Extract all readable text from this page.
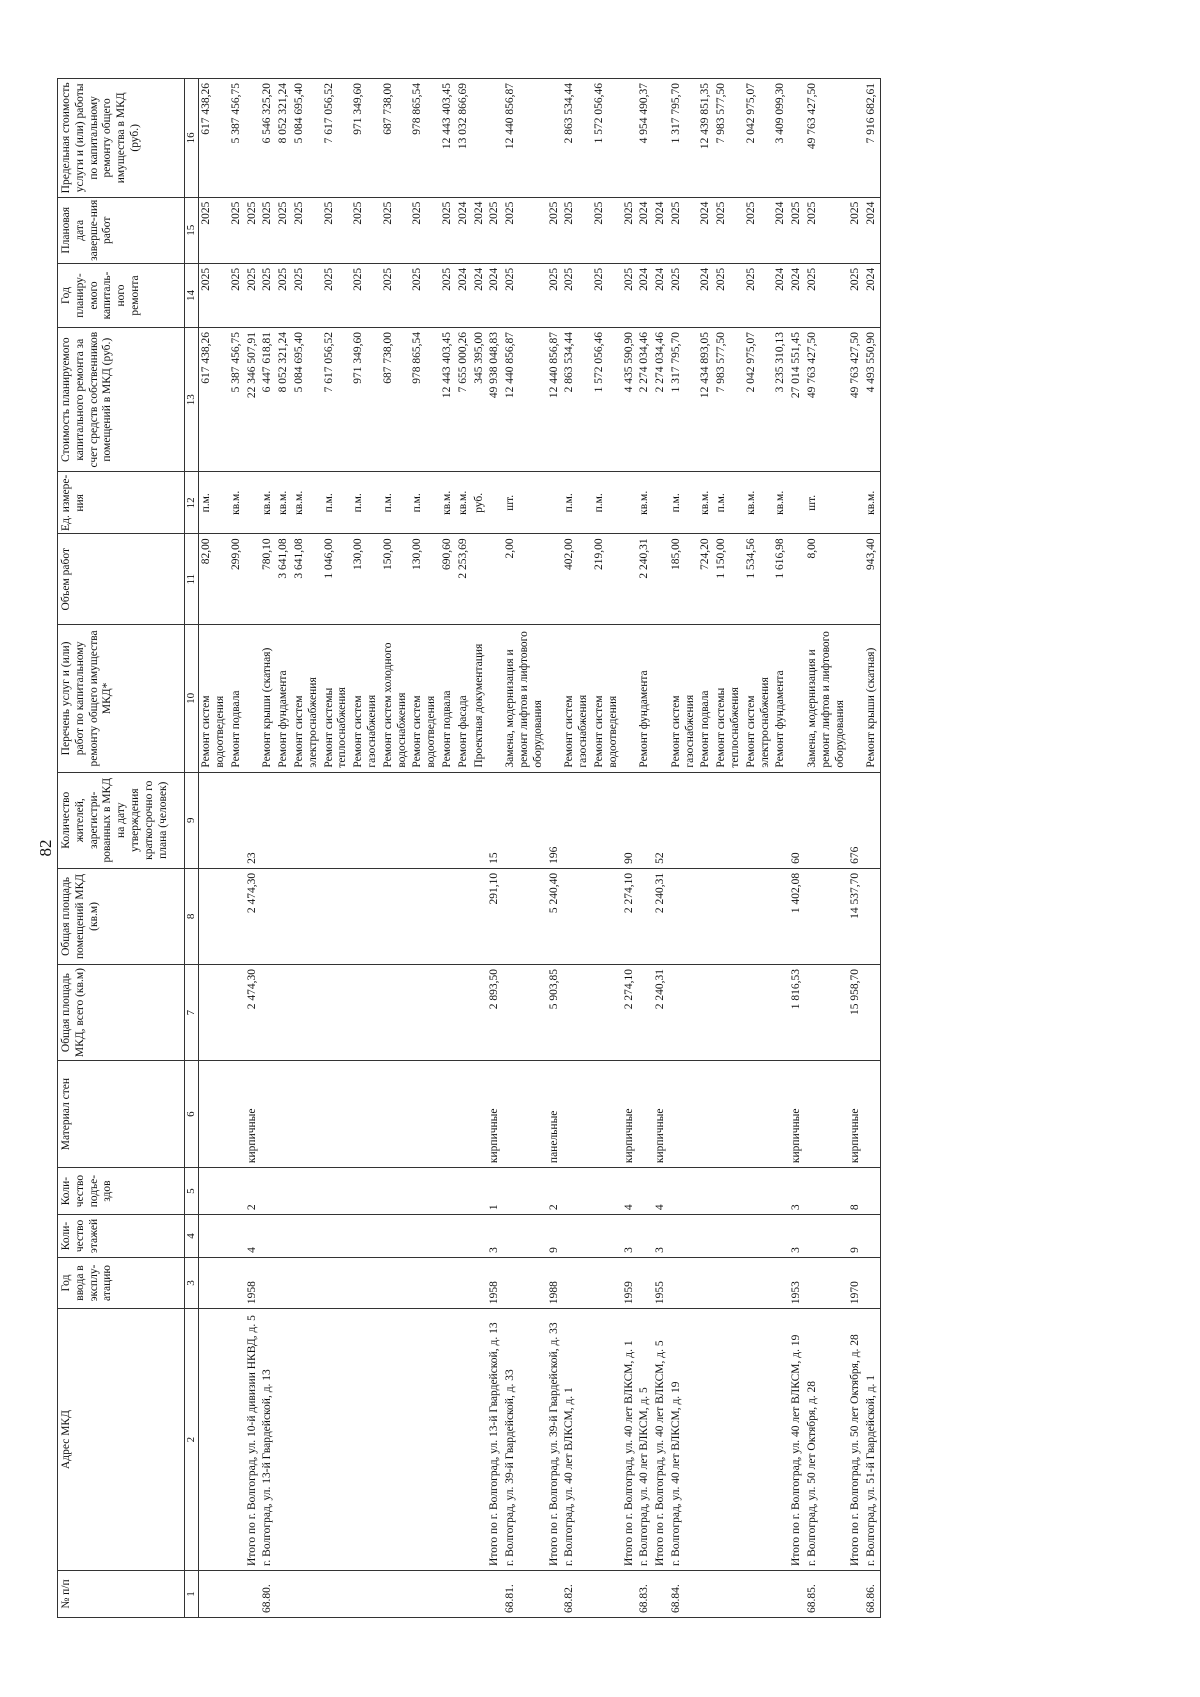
82
№ п/п	Адрес МКД	Год ввода в эксплу-атацию	Коли-чество этажей	Коли-чество подъе-здов	Материал стен	Общая площадь МКД, всего (кв.м)	Общая площадь помещений МКД (кв.м)	Количество жителей, зарегистри-рованных в МКД на дату утверждения краткосрочно го плана (человек)	Перечень услуг и (или) работ по капитальному ремонту общего имущества МКД*	Объем работ	Ед. измере-ния	Стоимость планируемого капитального ремонта за счет средств собственников помещений в МКД (руб.)	Год планиру-емого капиталь-ного ремонта	Плановая дата заверше-ния работ	Предельная стоимость услуги и (или) работы по капитальному ремонту общего имущества в МКД (руб.)
1	2	3	4	5	6	7	8	9	10	11	12	13	14	15	16
									Ремонт систем водоотведения	82,00	п.м.	617 438,26	2025	2025	617 438,26
									Ремонт подвала	299,00	кв.м.	5 387 456,75	2025	2025	5 387 456,75
	Итого по г. Волгоград, ул. 10-й дивизии НКВД, д. 5	1958	4	2	кирпичные	2 474,30	2 474,30	23				22 346 507,91	2025	2025	
68.80.	г. Волгоград, ул. 13-й Гвардейской, д. 13								Ремонт крыши (скатная)	780,10	кв.м.	6 447 618,81	2025	2025	6 546 325,20
									Ремонт фундамента	3 641,08	кв.м.	8 052 321,24	2025	2025	8 052 321,24
									Ремонт систем электроснабжения	3 641,08	кв.м.	5 084 695,40	2025	2025	5 084 695,40
									Ремонт системы теплоснабжения	1 046,00	п.м.	7 617 056,52	2025	2025	7 617 056,52
									Ремонт систем газоснабжения	130,00	п.м.	971 349,60	2025	2025	971 349,60
									Ремонт систем холодного водоснабжения	150,00	п.м.	687 738,00	2025	2025	687 738,00
									Ремонт систем водоотведения	130,00	п.м.	978 865,54	2025	2025	978 865,54
									Ремонт подвала	690,60	кв.м.	12 443 403,45	2025	2025	12 443 403,45
									Ремонт фасада	2 253,69	кв.м.	7 655 000,26	2024	2024	13 032 866,69
									Проектная документация		руб.	345 395,00	2024	2024	
	Итого по г. Волгоград, ул. 13-й Гвардейской, д. 13	1958	3	1	кирпичные	2 893,50	291,10	15				49 938 048,83	2024	2025	
68.81.	г. Волгоград, ул. 39-й Гвардейской, д. 33								Замена, модернизация и ремонт лифтов и лифтового оборудования	2,00	шт.	12 440 856,87	2025	2025	12 440 856,87
	Итого по г. Волгоград, ул. 39-й Гвардейской, д. 33	1988	9	2	панельные	5 903,85	5 240,40	196				12 440 856,87	2025	2025	
68.82.	г. Волгоград, ул. 40 лет ВЛКСМ, д. 1								Ремонт систем газоснабжения	402,00	п.м.	2 863 534,44	2025	2025	2 863 534,44
									Ремонт систем водоотведения	219,00	п.м.	1 572 056,46	2025	2025	1 572 056,46
	Итого по г. Волгоград, ул. 40 лет ВЛКСМ, д. 1	1959	3	4	кирпичные	2 274,10	2 274,10	90				4 435 590,90	2025	2025	
68.83.	г. Волгоград, ул. 40 лет ВЛКСМ, д. 5								Ремонт фундамента	2 240,31	кв.м.	2 274 034,46	2024	2024	4 954 490,37
	Итого по г. Волгоград, ул. 40 лет ВЛКСМ, д. 5	1955	3	4	кирпичные	2 240,31	2 240,31	52				2 274 034,46	2024	2024	
68.84.	г. Волгоград, ул. 40 лет ВЛКСМ, д. 19								Ремонт систем газоснабжения	185,00	п.м.	1 317 795,70	2025	2025	1 317 795,70
									Ремонт подвала	724,20	кв.м.	12 434 893,05	2024	2024	12 439 851,35
									Ремонт системы теплоснабжения	1 150,00	п.м.	7 983 577,50	2025	2025	7 983 577,50
									Ремонт систем электроснабжения	1 534,56	кв.м.	2 042 975,07	2025	2025	2 042 975,07
									Ремонт фундамента	1 616,98	кв.м.	3 235 310,13	2024	2024	3 409 099,30
	Итого по г. Волгоград, ул. 40 лет ВЛКСМ, д. 19	1953	3	3	кирпичные	1 816,53	1 402,08	60				27 014 551,45	2024	2025	
68.85.	г. Волгоград, ул. 50 лет Октября, д. 28								Замена, модернизация и ремонт лифтов и лифтового оборудования	8,00	шт.	49 763 427,50	2025	2025	49 763 427,50
	Итого по г. Волгоград, ул. 50 лет Октября, д. 28	1970	9	8	кирпичные	15 958,70	14 537,70	676				49 763 427,50	2025	2025	
68.86.	г. Волгоград, ул. 51-й Гвардейской, д. 1								Ремонт крыши (скатная)	943,40	кв.м.	4 493 550,90	2024	2024	7 916 682,61
